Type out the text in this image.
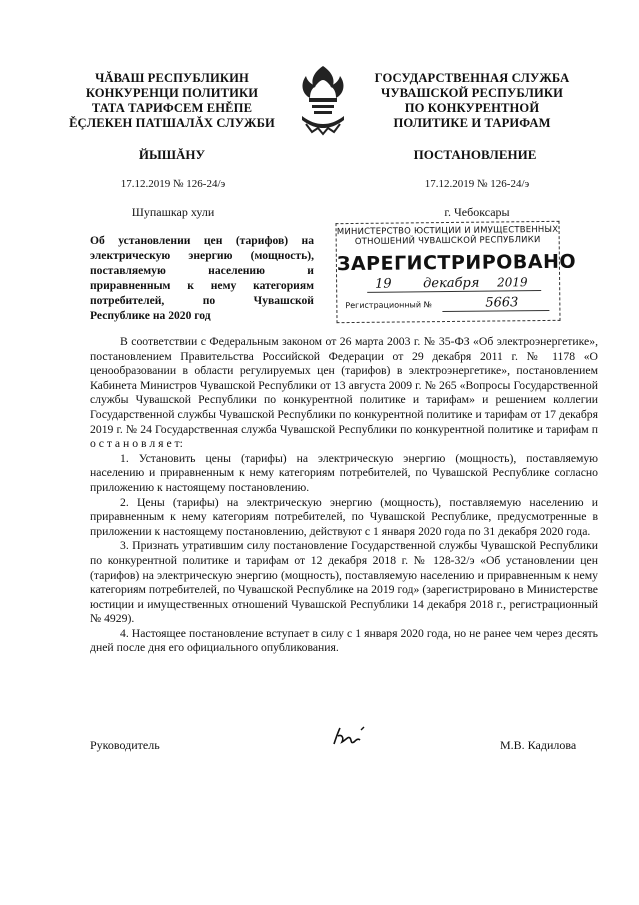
ЧĂВАШ РЕСПУБЛИКИН
КОНКУРЕНЦИ ПОЛИТИКИ
ТАТА ТАРИФСЕМ ЕНĚПЕ
ĚÇЛЕКЕН ПАТШАЛĂХ СЛУЖБИ
ГОСУДАРСТВЕННАЯ СЛУЖБА
ЧУВАШСКОЙ РЕСПУБЛИКИ
ПО КОНКУРЕНТНОЙ
ПОЛИТИКЕ И ТАРИФАМ
ЙЫШĂНУ	ПОСТАНОВЛЕНИЕ
17.12.2019 № 126-24/э	17.12.2019 № 126-24/э
Шупашкар хули	г. Чебоксары
Об установлении цен (тарифов) на
электрическую энергию (мощность),
поставляемую населению и
приравненным к нему категориям
потребителей, по Чувашской
Республике на 2020 год
МИНИСТЕРСТВО ЮСТИЦИИ И ИМУЩЕСТВЕННЫХ
ОТНОШЕНИЙ ЧУВАШСКОЙ РЕСПУБЛИКИ
ЗАРЕГИСТРИРОВАНО
19 декабря 2019
Регистрационный №	5663

В соответствии с Федеральным законом от 26 марта 2003 г. № 35-ФЗ «Об электроэнергетике», постановлением Правительства Российской Федерации от 29 декабря 2011 г. № 1178 «О ценообразовании в области регулируемых цен (тарифов) в электроэнергетике», постановлением Кабинета Министров Чувашской Республики от 13 августа 2009 г. № 265 «Вопросы Государственной службы Чувашской Республики по конкурентной политике и тарифам» и решением коллегии Государственной службы Чувашской Республики по конкурентной политике и тарифам от 17 декабря 2019 г. № 24 Государственная служба Чувашской Республики по конкурентной политике и тарифам п о с т а н о в л я е т:

1. Установить цены (тарифы) на электрическую энергию (мощность), поставляемую населению и приравненным к нему категориям потребителей, по Чувашской Республике согласно приложению к настоящему постановлению.

2. Цены (тарифы) на электрическую энергию (мощность), поставляемую населению и приравненным к нему категориям потребителей, по Чувашской Республике, предусмотренные в приложении к настоящему постановлению, действуют с 1 января 2020 года по 31 декабря 2020 года.

3. Признать утратившим силу постановление Государственной службы Чувашской Республики по конкурентной политике и тарифам от 12 декабря 2018 г. № 128-32/э «Об установлении цен (тарифов) на электрическую энергию (мощность), поставляемую населению и приравненным к нему категориям потребителей, по Чувашской Республике на 2019 год» (зарегистрировано в Министерстве юстиции и имущественных отношений Чувашской Республики 14 декабря 2018 г., регистрационный № 4929).

4. Настоящее постановление вступает в силу с 1 января 2020 года, но не ранее чем через десять дней после дня его официального опубликования.

Руководитель	М.В. Кадилова
